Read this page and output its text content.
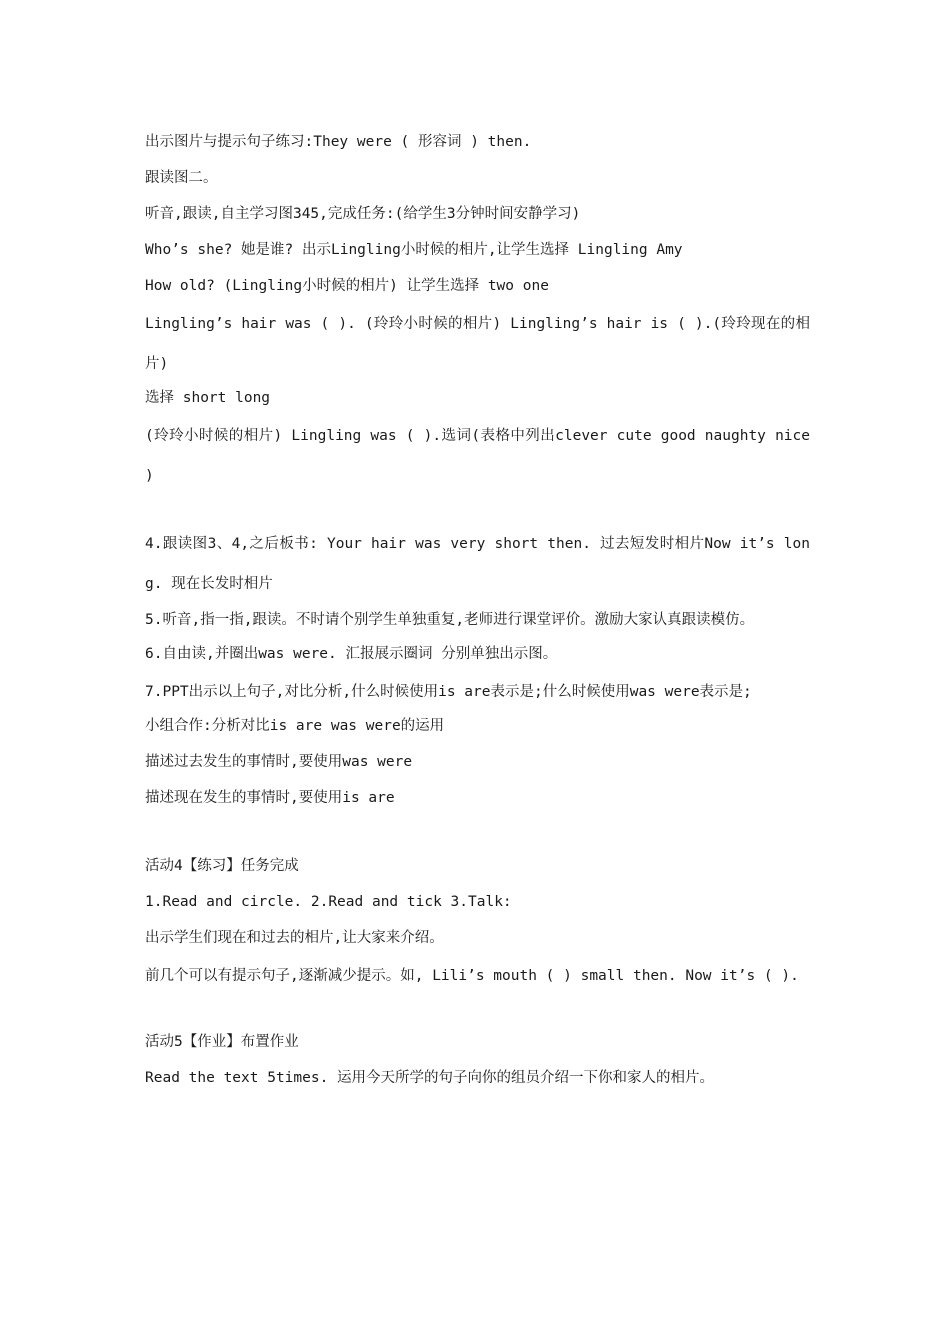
出示图片与提示句子练习:They were ( 形容词 ) then.
跟读图二。
听音,跟读,自主学习图345,完成任务:(给学生3分钟时间安静学习)
Who’s she? 她是谁? 出示Lingling小时候的相片,让学生选择 Lingling Amy
How old? (Lingling小时候的相片) 让学生选择 two one
Lingling’s hair was ( ). (玲玲小时候的相片) Lingling’s hair is ( ).(玲玲现在的相片)
选择 short long
(玲玲小时候的相片) Lingling was ( ).选词(表格中列出clever cute good naughty nice )
4.跟读图3、4,之后板书: Your hair was very short then. 过去短发时相片Now it’s long. 现在长发时相片
5.听音,指一指,跟读。不时请个别学生单独重复,老师进行课堂评价。激励大家认真跟读模仿。
6.自由读,并圈出was were. 汇报展示圈词 分别单独出示图。
7.PPT出示以上句子,对比分析,什么时候使用is are表示是;什么时候使用was were表示是;
小组合作:分析对比is are was were的运用
描述过去发生的事情时,要使用was were
描述现在发生的事情时,要使用is are
活动4【练习】任务完成
1.Read and circle. 2.Read and tick 3.Talk:
出示学生们现在和过去的相片,让大家来介绍。
前几个可以有提示句子,逐渐减少提示。如, Lili’s mouth ( ) small then. Now it’s ( ).
活动5【作业】布置作业
Read the text 5times. 运用今天所学的句子向你的组员介绍一下你和家人的相片。
